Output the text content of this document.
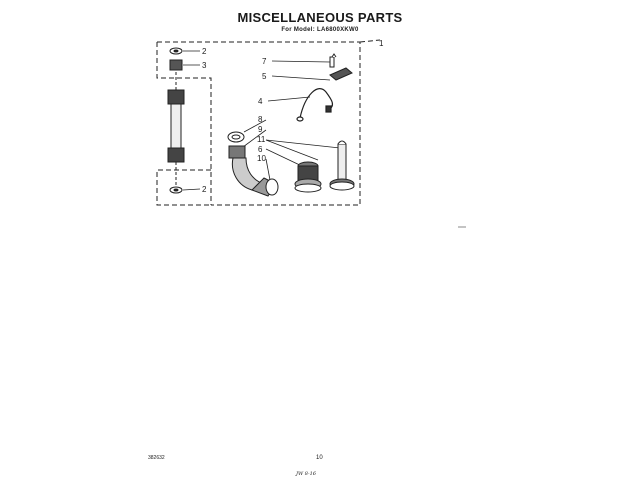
MISCELLANEOUS PARTS
For Model: LA6800XKW0
1
2
3
2
7
5
4
8
9
11
6
10
382632	10
JW 8-16
